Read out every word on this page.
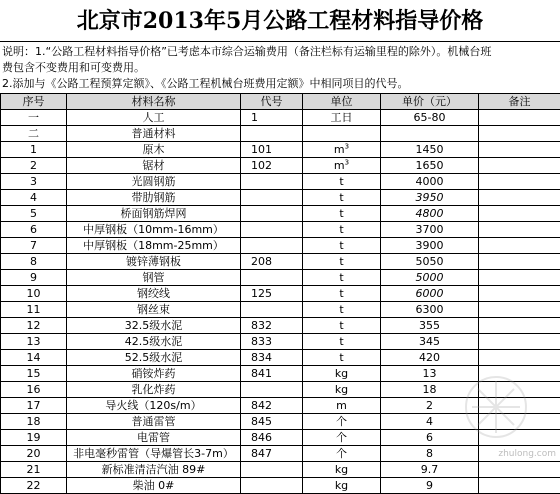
北京市2013年5月公路工程材料指导价格
说明：1.“公路工程材料指导价格”已考虑本市综合运输费用（备注栏标有运输里程的除外）。机械台班
费包含不变费用和可变费用。
2.添加与《公路工程预算定额》、《公路工程机械台班费用定额》中相同项目的代号。
序号	材料名称	代号	单位	单价（元）	备注
一	人工	1	工日	65-80	
二	普通材料				
1	原木	101	$m^3$	1450	
2	锯材	102	$m^3$	1650	
3	光圆钢筋		t	4000	
4	带肋钢筋		t	3950	
5	桥面钢筋焊网		t	4800	
6	中厚钢板（10mm-16mm）		t	3700	
7	中厚钢板（18mm-25mm）		t	3900	
8	镀锌薄钢板	208	t	5050	
9	钢管		t	5000	
10	钢绞线	125	t	6000	
11	钢丝束		t	6300	
12	32.5级水泥	832	t	355	
13	42.5级水泥	833	t	345	
14	52.5级水泥	834	t	420	
15	硝铵炸药	841	kg	13	
16	乳化炸药		kg	18	
17	导火线（120s/m）	842	m	2	
18	普通雷管	845	个	4	
19	电雷管	846	个	6	
20	非电毫秒雷管（导爆管长3-7m）	847	个	8	
21	新标准清洁汽油 89#		kg	9.7	
22	柴油 0#		kg	9	
zhulong.com
